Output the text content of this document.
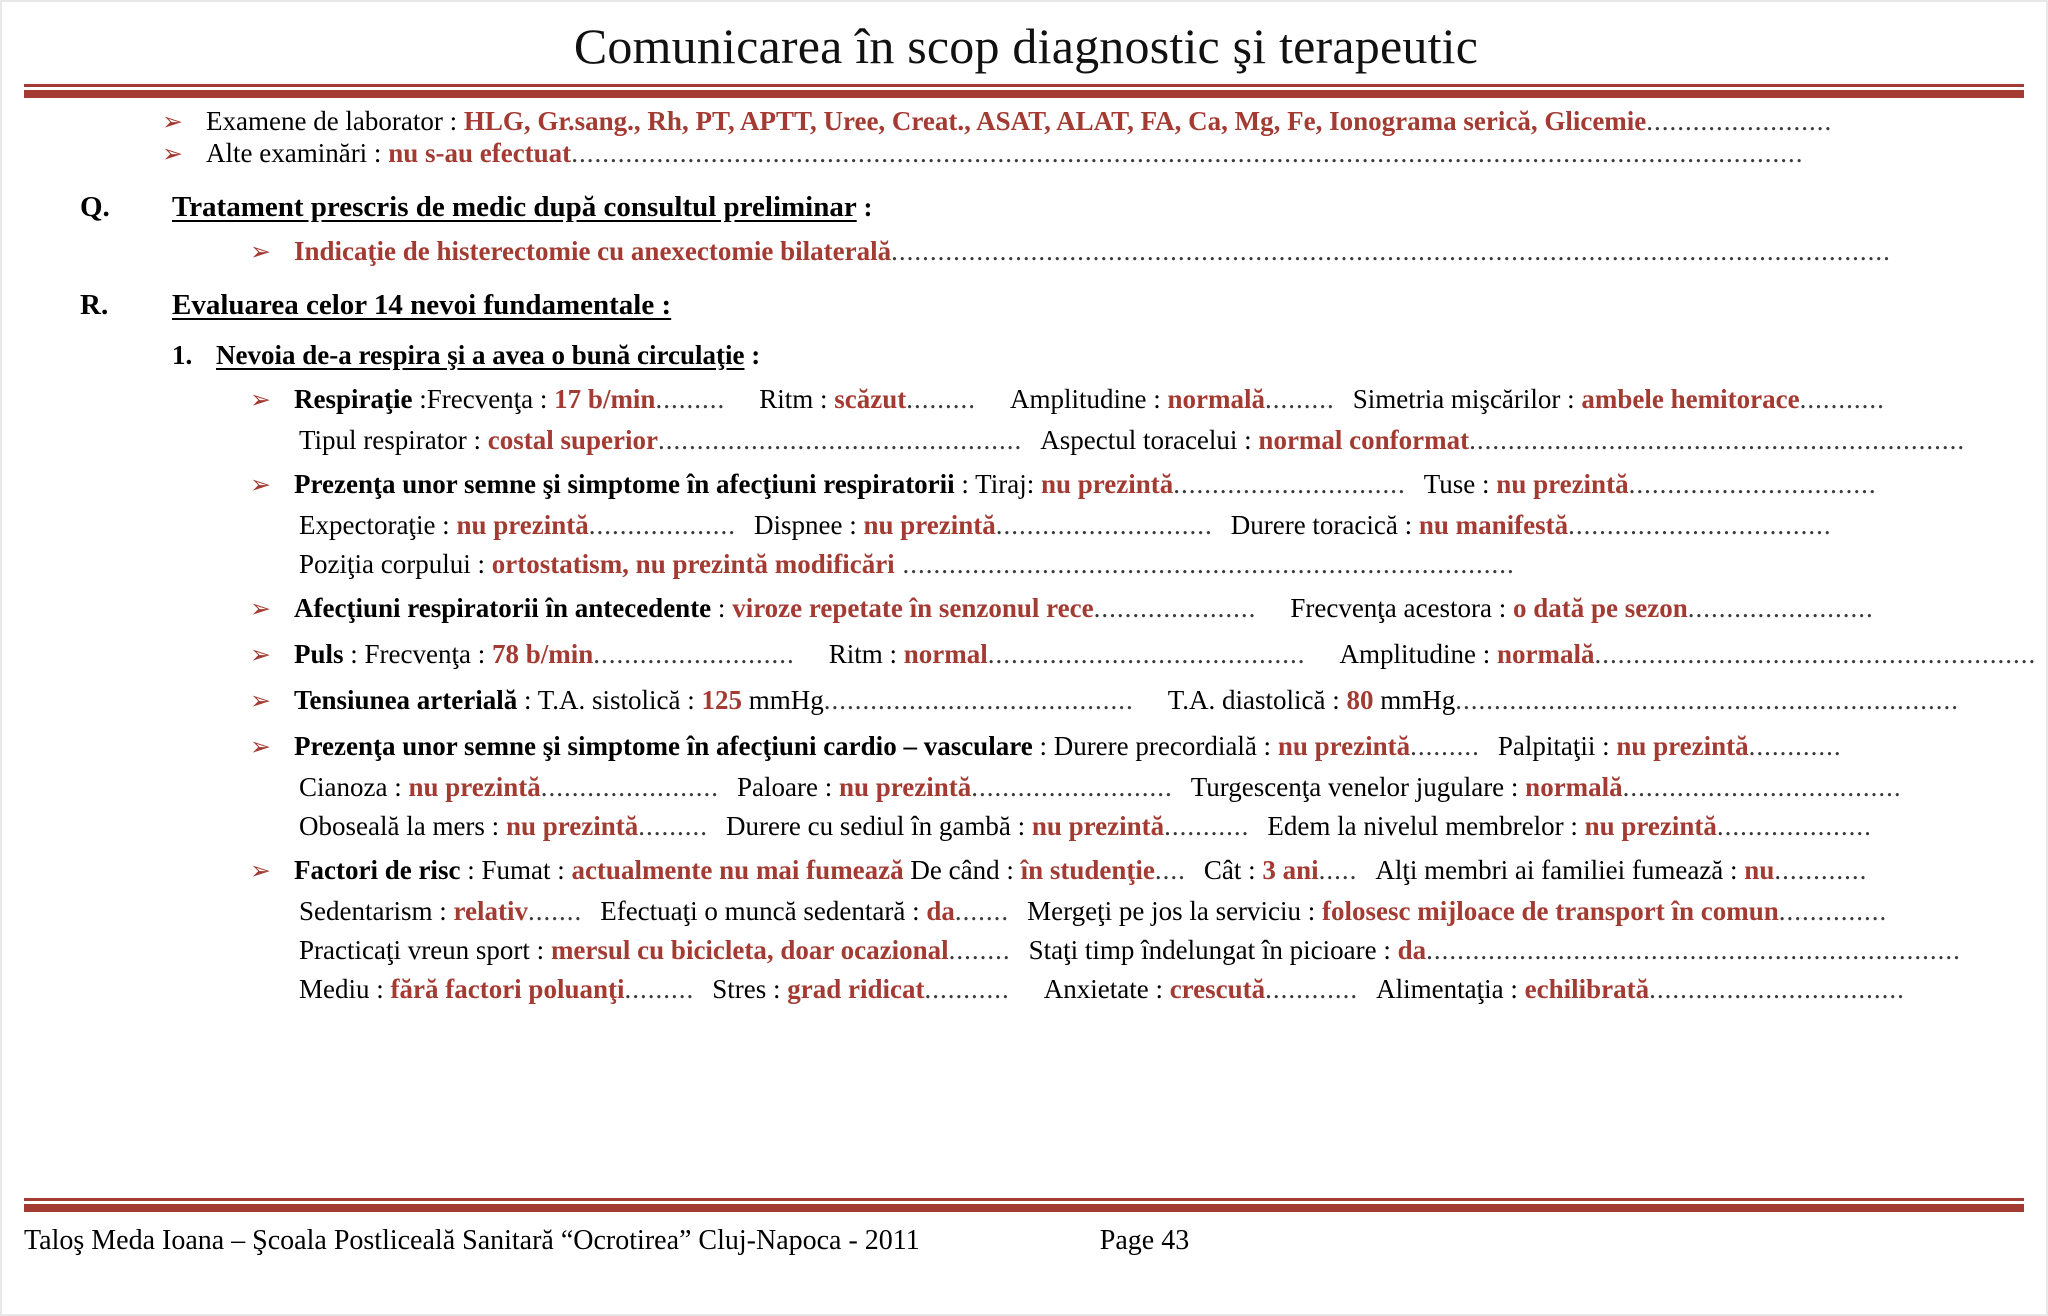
Comunicarea în scop diagnostic şi terapeutic
➢ Examene de laborator : HLG, Gr.sang., Rh, PT, APTT, Uree, Creat., ASAT, ALAT, FA, Ca, Mg, Fe, Ionograma serică, Glicemie........................
➢ Alte examinări : nu s-au efectuat...............................................................................................................................................................
Q. Tratament prescris de medic după consultul preliminar :
➢ Indicaţie de histerectomie cu anexectomie bilaterală.................................................................................................................................
R. Evaluarea celor 14 nevoi fundamentale :
1. Nevoia de-a respira şi a avea o bună circulaţie :
➢ Respiraţie :Frecvenţa : 17 b/min......... Ritm : scăzut......... Amplitudine : normală......... Simetria mişcărilor : ambele hemitorace...........
Tipul respirator : costal superior............................................... Aspectul toracelui : normal conformat................................................................
➢ Prezenţa unor semne şi simptome în afecţiuni respiratorii : Tiraj: nu prezintă.............................. Tuse : nu prezintă................................
Expectoraţie : nu prezintă................... Dispnee : nu prezintă............................ Durere toracică : nu manifestă..................................
Poziţia corpului : ortostatism, nu prezintă modificări ...............................................................................
➢ Afecţiuni respiratorii în antecedente : viroze repetate în senzonul rece..................... Frecvenţa acestora : o dată pe sezon........................
➢ Puls : Frecvenţa : 78 b/min.......................... Ritm : normal......................................... Amplitudine : normală.........................................................
➢ Tensiunea arterială : T.A. sistolică : 125 mmHg........................................ T.A. diastolică : 80 mmHg.................................................................
➢ Prezenţa unor semne şi simptome în afecţiuni cardio – vasculare : Durere precordială : nu prezintă......... Palpitaţii : nu prezintă............
Cianoza : nu prezintă....................... Paloare : nu prezintă.......................... Turgescenţa venelor jugulare : normală....................................
Oboseală la mers : nu prezintă......... Durere cu sediul în gambă : nu prezintă........... Edem la nivelul membrelor : nu prezintă....................
➢ Factori de risc : Fumat : actualmente nu mai fumează De când : în studenţie.... Cât : 3 ani..... Alţi membri ai familiei fumează : nu............
Sedentarism : relativ....... Efectuaţi o muncă sedentară : da....... Mergeţi pe jos la serviciu : folosesc mijloace de transport în comun..............
Practicaţi vreun sport : mersul cu bicicleta, doar ocazional........ Staţi timp îndelungat în picioare : da.....................................................................
Mediu : fără factori poluanţi......... Stres : grad ridicat........... Anxietate : crescută............ Alimentaţia : echilibrată.................................
Taloş Meda Ioana – Şcoala Postliceală Sanitară “Ocrotirea” Cluj-Napoca - 2011	Page 43
